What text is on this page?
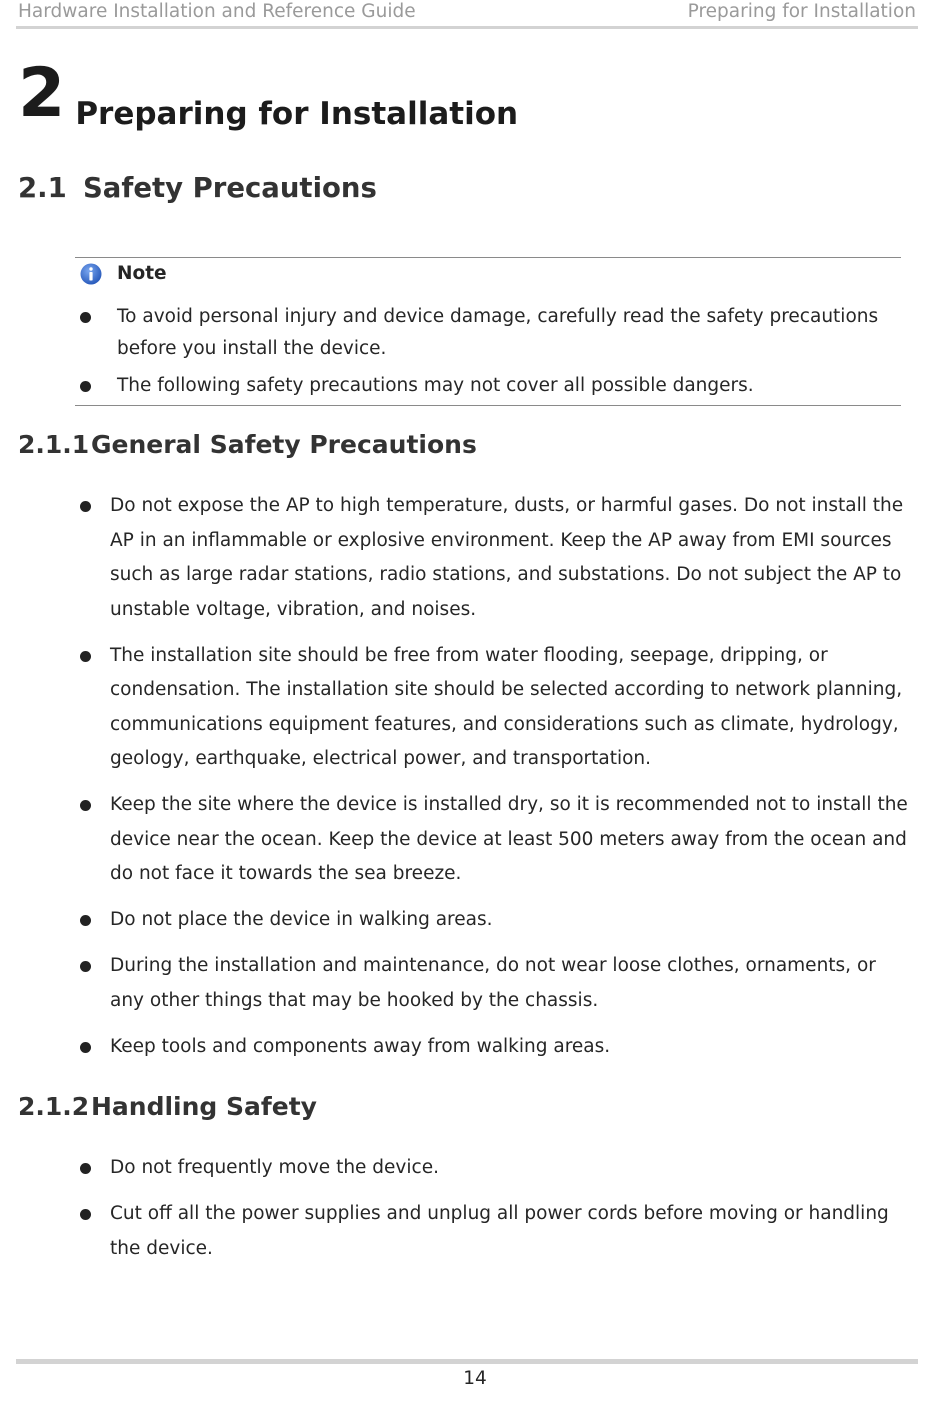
Hardware Installation and Reference Guide	Preparing for Installation
2 Preparing for Installation
2.1 Safety Precautions
Note
To avoid personal injury and device damage, carefully read the safety precautions before you install the device.
The following safety precautions may not cover all possible dangers.
2.1.1General Safety Precautions
Do not expose the AP to high temperature, dusts, or harmful gases. Do not install the AP in an inflammable or explosive environment. Keep the AP away from EMI sources such as large radar stations, radio stations, and substations. Do not subject the AP to unstable voltage, vibration, and noises.
The installation site should be free from water flooding, seepage, dripping, or condensation. The installation site should be selected according to network planning, communications equipment features, and considerations such as climate, hydrology, geology, earthquake, electrical power, and transportation.
Keep the site where the device is installed dry, so it is recommended not to install the device near the ocean. Keep the device at least 500 meters away from the ocean and do not face it towards the sea breeze.
Do not place the device in walking areas.
During the installation and maintenance, do not wear loose clothes, ornaments, or any other things that may be hooked by the chassis.
Keep tools and components away from walking areas.
2.1.2Handling Safety
Do not frequently move the device.
Cut off all the power supplies and unplug all power cords before moving or handling the device.
14
